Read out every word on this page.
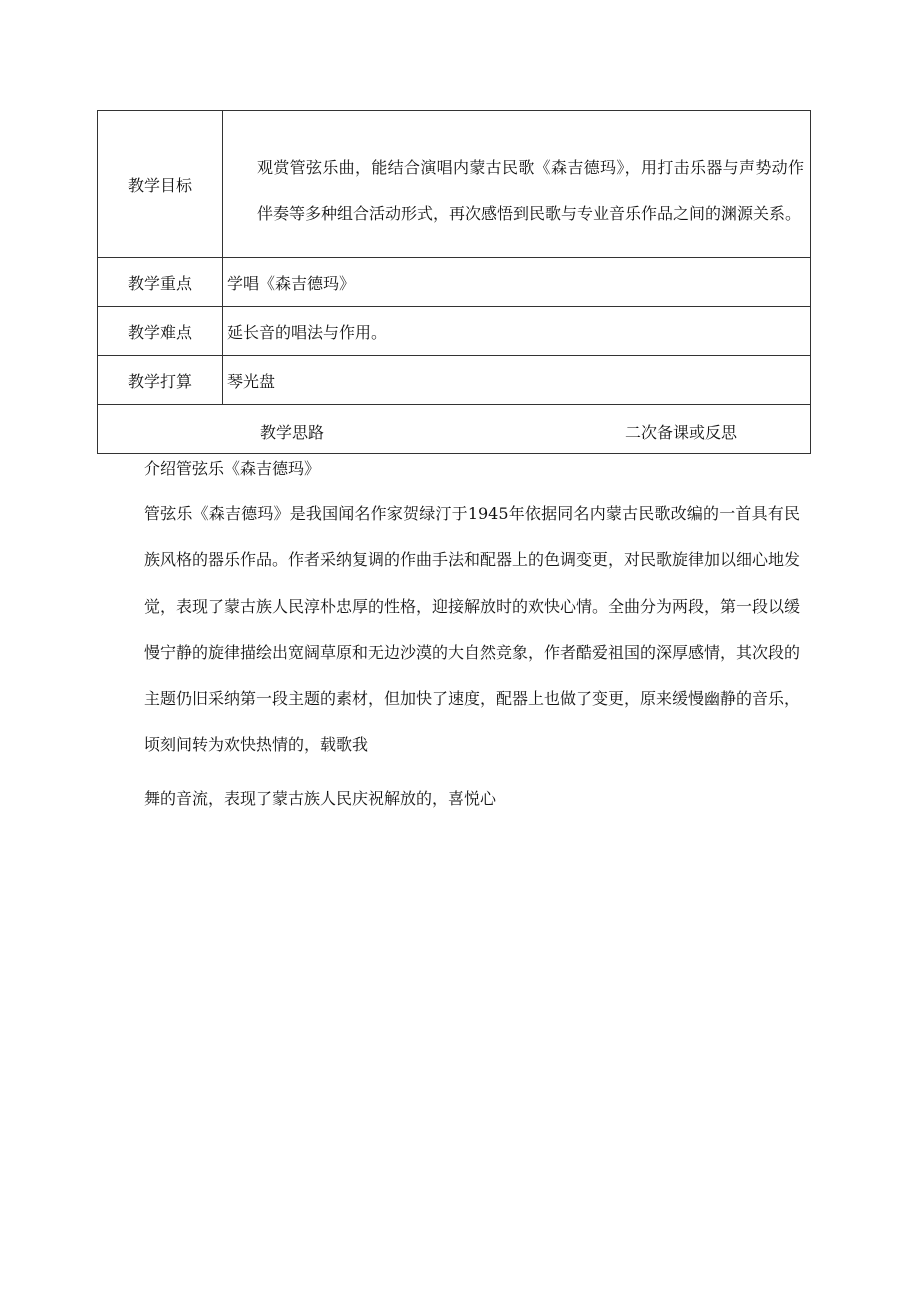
教学目标	观赏管弦乐曲，能结合演唱内蒙古民歌《森吉德玛》，用打击乐器与声势动作伴奏等多种组合活动形式，再次感悟到民歌与专业音乐作品之间的渊源关系。

教学重点	学唱《森吉德玛》
教学难点	延长音的唱法与作用。
教学打算	琴光盘

教学思路 二次备课或反思	
介绍管弦乐《森吉德玛》

管弦乐《森吉德玛》是我国闻名作家贺绿汀于1945年依据同名内蒙古民歌改编的一首具有民族风格的器乐作品。作者采纳复调的作曲手法和配器上的色调变更，对民歌旋律加以细心地发觉，表现了蒙古族人民淳朴忠厚的性格，迎接解放时的欢快心情。全曲分为两段，第一段以缓慢宁静的旋律描绘出宽阔草原和无边沙漠的大自然竞象，作者酷爱祖国的深厚感情，其次段的主题仍旧采纳第一段主题的素材，但加快了速度，配器上也做了变更，原来缓慢幽静的音乐，顷刻间转为欢快热情的，载歌我

舞的音流，表现了蒙古族人民庆祝解放的，喜悦心
